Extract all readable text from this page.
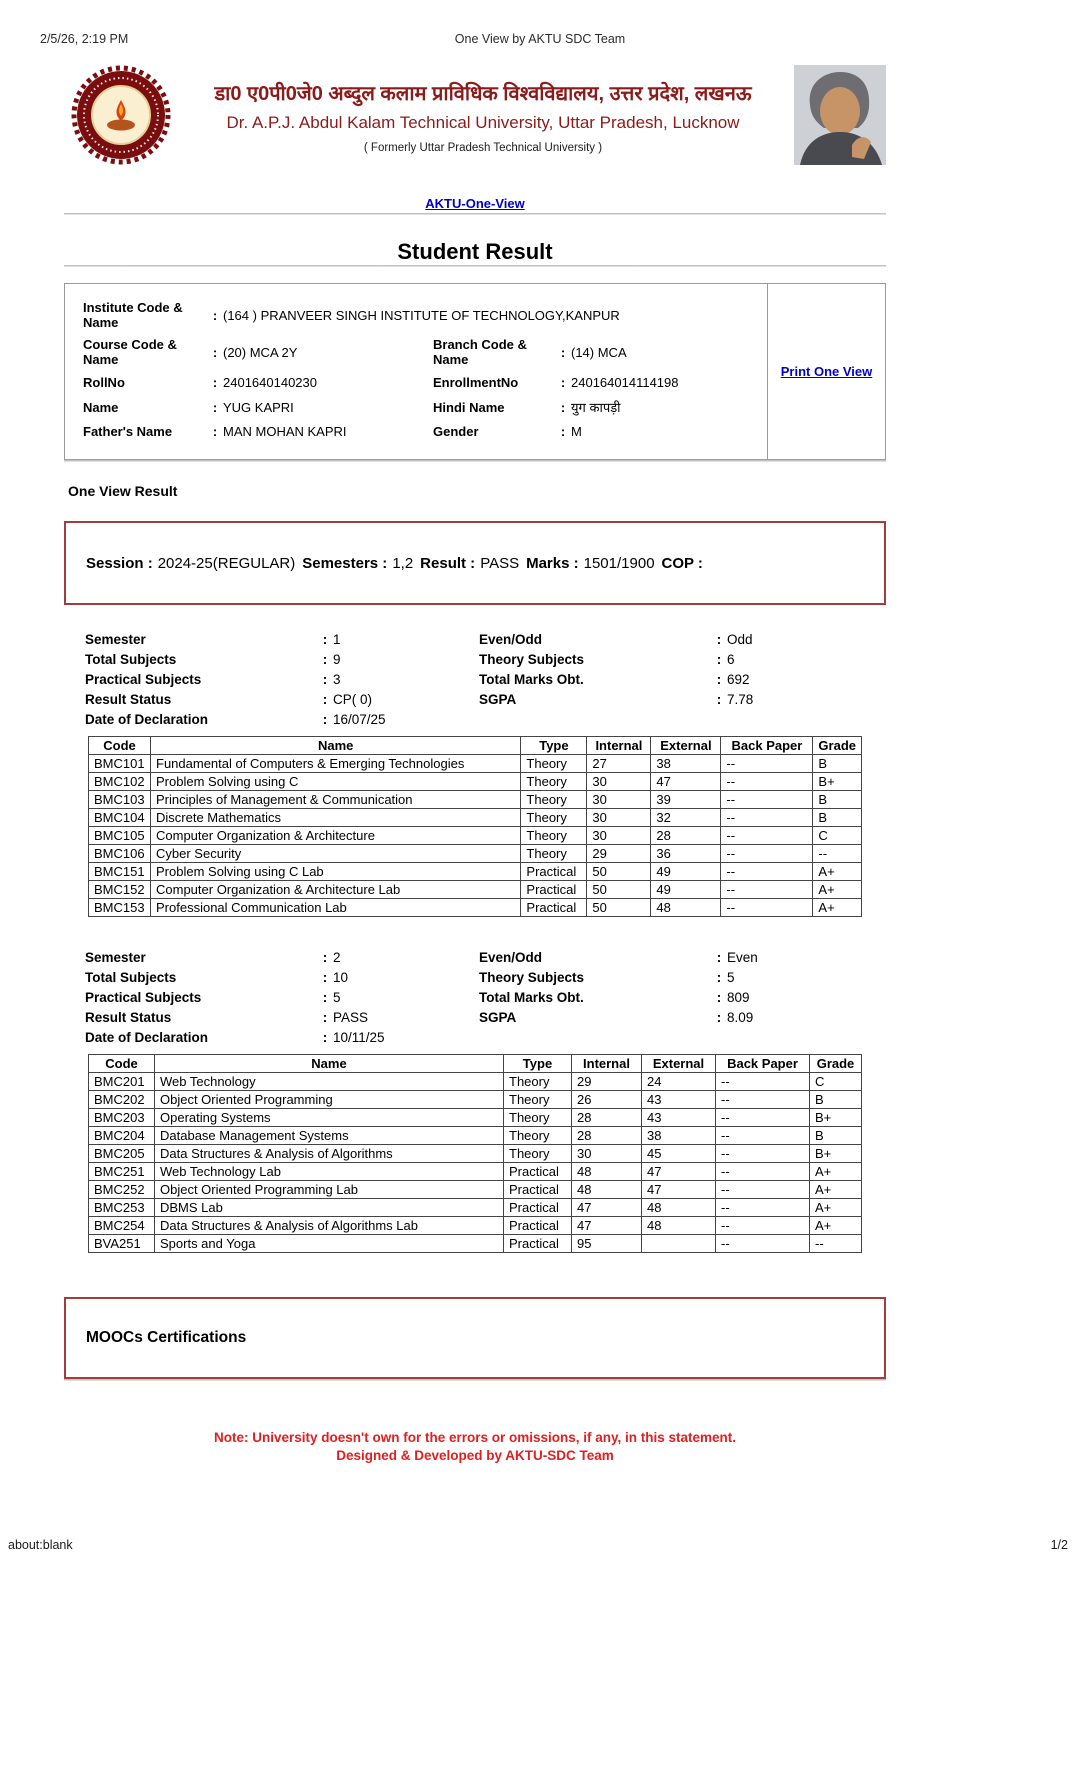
2/5/26, 2:19 PM	One View by AKTU SDC Team
डा0 ए0पी0जे0 अब्दुल कलाम प्राविधिक विश्वविद्यालय, उत्तर प्रदेश, लखनऊ
Dr. A.P.J. Abdul Kalam Technical University, Uttar Pradesh, Lucknow
( Formerly Uttar Pradesh Technical University )
AKTU-One-View
Student Result
Institute Code & Name	: (164 ) PRANVEER SINGH INSTITUTE OF TECHNOLOGY,KANPUR
Course Code & Name	: (20) MCA 2Y	Branch Code & Name	: (14) MCA
RollNo	: 2401640140230	EnrollmentNo	: 240164014114198
Name	: YUG KAPRI	Hindi Name	: युग कापड़ी
Father's Name	: MAN MOHAN KAPRI	Gender	: M
Print One View
One View Result
Session : 2024-25(REGULAR) Semesters : 1,2 Result : PASS Marks : 1501/1900 COP :
Semester	: 1	Even/Odd	: Odd
Total Subjects	: 9	Theory Subjects	: 6
Practical Subjects	: 3	Total Marks Obt.	: 692
Result Status	: CP( 0)	SGPA	: 7.78
Date of Declaration	: 16/07/25
Code	Name	Type	Internal	External	Back Paper	Grade
BMC101	Fundamental of Computers & Emerging Technologies	Theory	27	38	--	B
BMC102	Problem Solving using C	Theory	30	47	--	B+
BMC103	Principles of Management & Communication	Theory	30	39	--	B
BMC104	Discrete Mathematics	Theory	30	32	--	B
BMC105	Computer Organization & Architecture	Theory	30	28	--	C
BMC106	Cyber Security	Theory	29	36	--	--
BMC151	Problem Solving using C Lab	Practical	50	49	--	A+
BMC152	Computer Organization & Architecture Lab	Practical	50	49	--	A+
BMC153	Professional Communication Lab	Practical	50	48	--	A+
Semester	: 2	Even/Odd	: Even
Total Subjects	: 10	Theory Subjects	: 5
Practical Subjects	: 5	Total Marks Obt.	: 809
Result Status	: PASS	SGPA	: 8.09
Date of Declaration	: 10/11/25
Code	Name	Type	Internal	External	Back Paper	Grade
BMC201	Web Technology	Theory	29	24	--	C
BMC202	Object Oriented Programming	Theory	26	43	--	B
BMC203	Operating Systems	Theory	28	43	--	B+
BMC204	Database Management Systems	Theory	28	38	--	B
BMC205	Data Structures & Analysis of Algorithms	Theory	30	45	--	B+
BMC251	Web Technology Lab	Practical	48	47	--	A+
BMC252	Object Oriented Programming Lab	Practical	48	47	--	A+
BMC253	DBMS Lab	Practical	47	48	--	A+
BMC254	Data Structures & Analysis of Algorithms Lab	Practical	47	48	--	A+
BVA251	Sports and Yoga	Practical	95		--	--
MOOCs Certifications
Note: University doesn't own for the errors or omissions, if any, in this statement.
Designed & Developed by AKTU-SDC Team
about:blank	1/2
